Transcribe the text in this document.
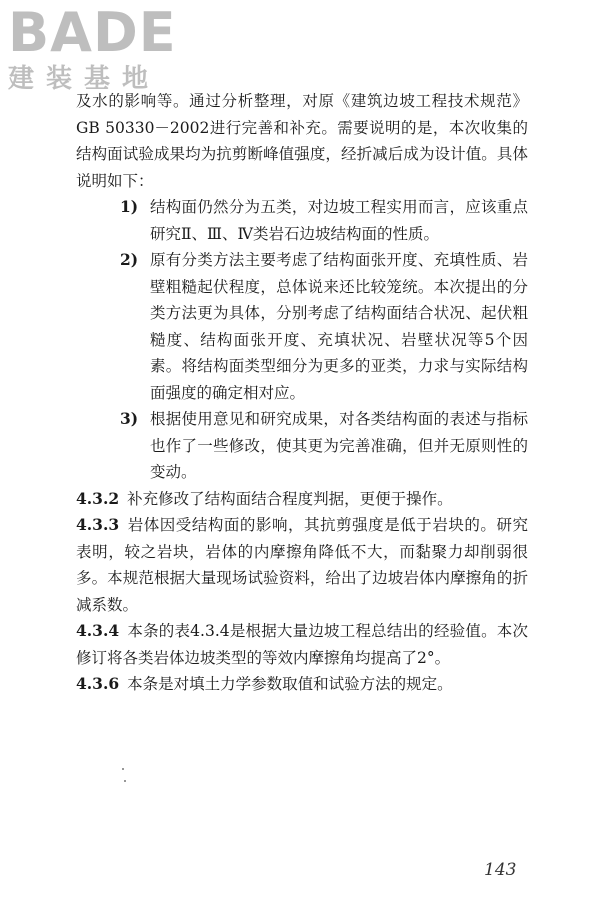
BADE
建装基地

及水的影响等。通过分析整理，对原《建筑边坡工程技术规范》GB 50330－2002进行完善和补充。需要说明的是，本次收集的结构面试验成果均为抗剪断峰值强度，经折减后成为设计值。具体说明如下：

1) 结构面仍然分为五类，对边坡工程实用而言，应该重点研究Ⅱ、Ⅲ、Ⅳ类岩石边坡结构面的性质。
2) 原有分类方法主要考虑了结构面张开度、充填性质、岩壁粗糙起伏程度，总体说来还比较笼统。本次提出的分类方法更为具体，分别考虑了结构面结合状况、起伏粗糙度、结构面张开度、充填状况、岩壁状况等5个因素。将结构面类型细分为更多的亚类，力求与实际结构面强度的确定相对应。
3) 根据使用意见和研究成果，对各类结构面的表述与指标也作了一些修改，使其更为完善准确，但并无原则性的变动。

4.3.2 补充修改了结构面结合程度判据，更便于操作。

4.3.3 岩体因受结构面的影响，其抗剪强度是低于岩块的。研究表明，较之岩块，岩体的内摩擦角降低不大，而黏聚力却削弱很多。本规范根据大量现场试验资料，给出了边坡岩体内摩擦角的折减系数。

4.3.4 本条的表4.3.4是根据大量边坡工程总结出的经验值。本次修订将各类岩体边坡类型的等效内摩擦角均提高了2°。

4.3.6 本条是对填土力学参数取值和试验方法的规定。

143
